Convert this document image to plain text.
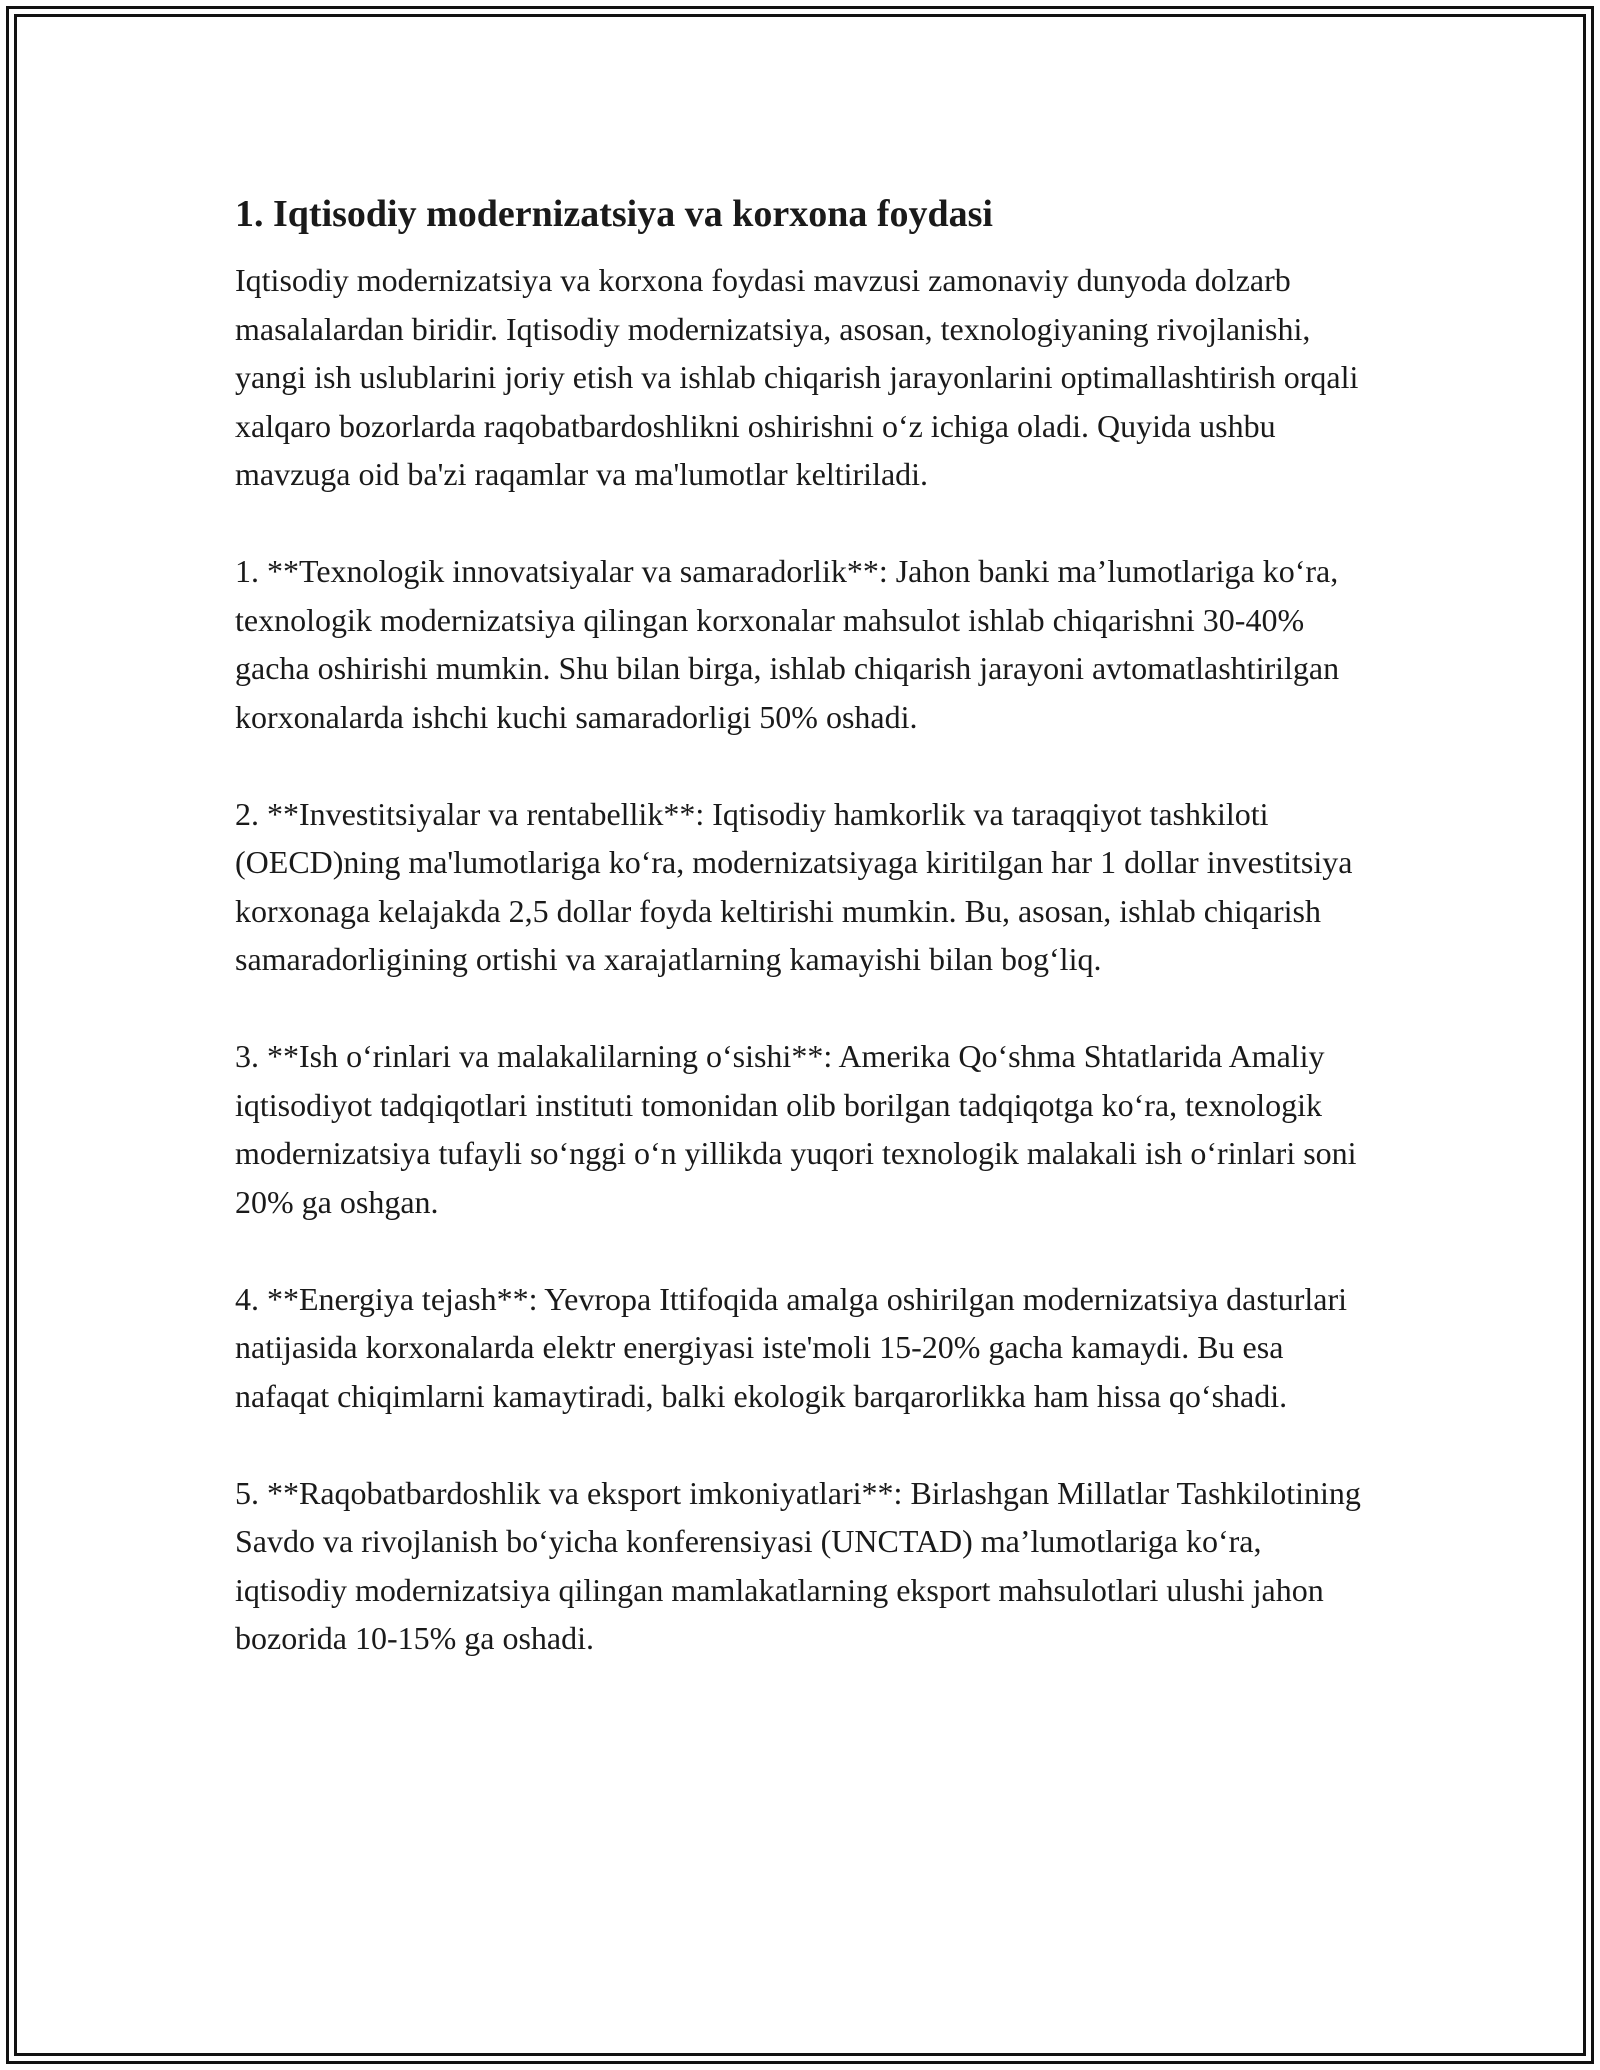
1. Iqtisodiy modernizatsiya va korxona foydasi

Iqtisodiy modernizatsiya va korxona foydasi mavzusi zamonaviy dunyoda dolzarb masalalardan biridir. Iqtisodiy modernizatsiya, asosan, texnologiyaning rivojlanishi, yangi ish uslublarini joriy etish va ishlab chiqarish jarayonlarini optimallashtirish orqali xalqaro bozorlarda raqobatbardoshlikni oshirishni oʻz ichiga oladi. Quyida ushbu mavzuga oid ba'zi raqamlar va ma'lumotlar keltiriladi.

1. **Texnologik innovatsiyalar va samaradorlik**: Jahon banki maʼlumotlariga koʻra, texnologik modernizatsiya qilingan korxonalar mahsulot ishlab chiqarishni 30-40% gacha oshirishi mumkin. Shu bilan birga, ishlab chiqarish jarayoni avtomatlashtirilgan korxonalarda ishchi kuchi samaradorligi 50% oshadi.

2. **Investitsiyalar va rentabellik**: Iqtisodiy hamkorlik va taraqqiyot tashkiloti (OECD)ning ma'lumotlariga koʻra, modernizatsiyaga kiritilgan har 1 dollar investitsiya korxonaga kelajakda 2,5 dollar foyda keltirishi mumkin. Bu, asosan, ishlab chiqarish samaradorligining ortishi va xarajatlarning kamayishi bilan bogʻliq.

3. **Ish oʻrinlari va malakalilarning oʻsishi**: Amerika Qoʻshma Shtatlarida Amaliy iqtisodiyot tadqiqotlari instituti tomonidan olib borilgan tadqiqotga koʻra, texnologik modernizatsiya tufayli soʻnggi oʻn yillikda yuqori texnologik malakali ish oʻrinlari soni 20% ga oshgan.

4. **Energiya tejash**: Yevropa Ittifoqida amalga oshirilgan modernizatsiya dasturlari natijasida korxonalarda elektr energiyasi iste'moli 15-20% gacha kamaydi. Bu esa nafaqat chiqimlarni kamaytiradi, balki ekologik barqarorlikka ham hissa qoʻshadi.

5. **Raqobatbardoshlik va eksport imkoniyatlari**: Birlashgan Millatlar Tashkilotining Savdo va rivojlanish boʻyicha konferensiyasi (UNCTAD) maʼlumotlariga koʻra, iqtisodiy modernizatsiya qilingan mamlakatlarning eksport mahsulotlari ulushi jahon bozorida 10-15% ga oshadi.
